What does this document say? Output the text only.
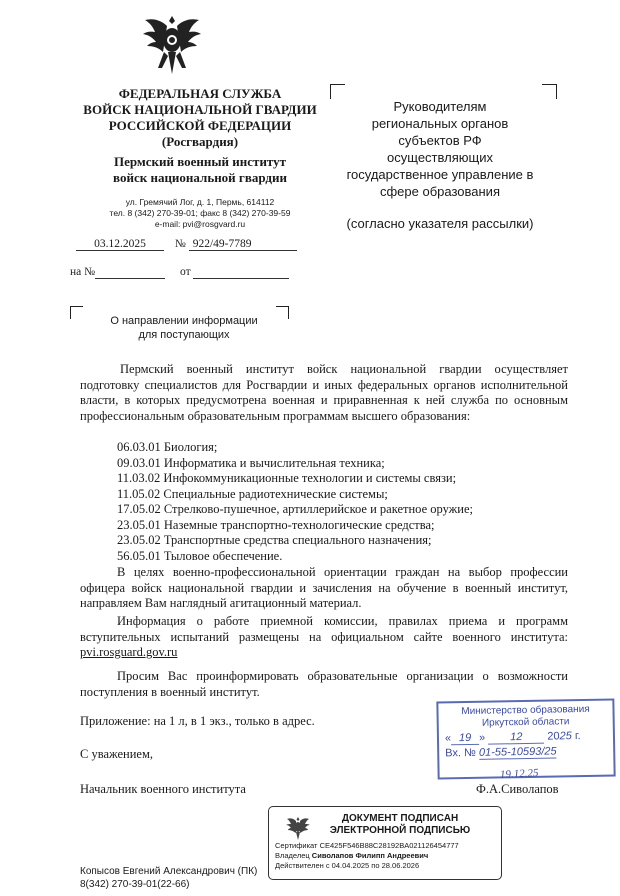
ФЕДЕРАЛЬНАЯ СЛУЖБА
ВОЙСК НАЦИОНАЛЬНОЙ ГВАРДИИ
РОССИЙСКОЙ ФЕДЕРАЦИИ
(Росгвардия)
Пермский военный институт
войск национальной гвардии
ул. Гремячий Лог, д. 1, Пермь, 614112
тел. 8 (342) 270-39-01; факс 8 (342) 270-39-59
e-mail: pvi@rosgvard.ru
03.12.2025	№ 922/49-7789
на №	от
Руководителям
региональных органов
субъектов РФ
осуществляющих
государственное управление в
сфере образования
(согласно указателя рассылки)
О направлении информации
для поступающих

Пермский военный институт войск национальной гвардии осуществляет подготовку специалистов для Росгвардии и иных федеральных органов исполнительной власти, в которых предусмотрена военная и приравненная к ней служба по основным профессиональным образовательным программам высшего образования:

06.03.01 Биология;
09.03.01 Информатика и вычислительная техника;
11.03.02 Инфокоммуникационные технологии и системы связи;
11.05.02 Специальные радиотехнические системы;
17.05.02 Стрелково-пушечное, артиллерийское и ракетное оружие;
23.05.01 Наземные транспортно-технологические средства;
23.05.02 Транспортные средства специального назначения;
56.05.01 Тыловое обеспечение.

В целях военно-профессиональной ориентации граждан на выбор профессии офицера войск национальной гвардии и зачисления на обучение в военный институт, направляем Вам наглядный агитационный материал.

Информация о работе приемной комиссии, правилах приема и программ вступительных испытаний размещены на официальном сайте военного института: pvi.rosguard.gov.ru

Просим Вас проинформировать образовательные организации о возможности поступления в военный институт.

Приложение: на 1 л, в 1 экз., только в адрес.
С уважением,
Начальник военного института	Ф.А.Сиволапов
Министерство образования
Иркутской области
« 19 » 12 2025 г.
Вх. № 01-55-10593/25
19.12.25
ДОКУМЕНТ ПОДПИСАН
ЭЛЕКТРОННОЙ ПОДПИСЬЮ
Сертификат CE425F546B88C28192BA021126454777
Владелец Сиволапов Филипп Андреевич
Действителен с 04.04.2025 по 28.06.2026
Копысов Евгений Александрович (ПК)
8(342) 270-39-01(22-66)
